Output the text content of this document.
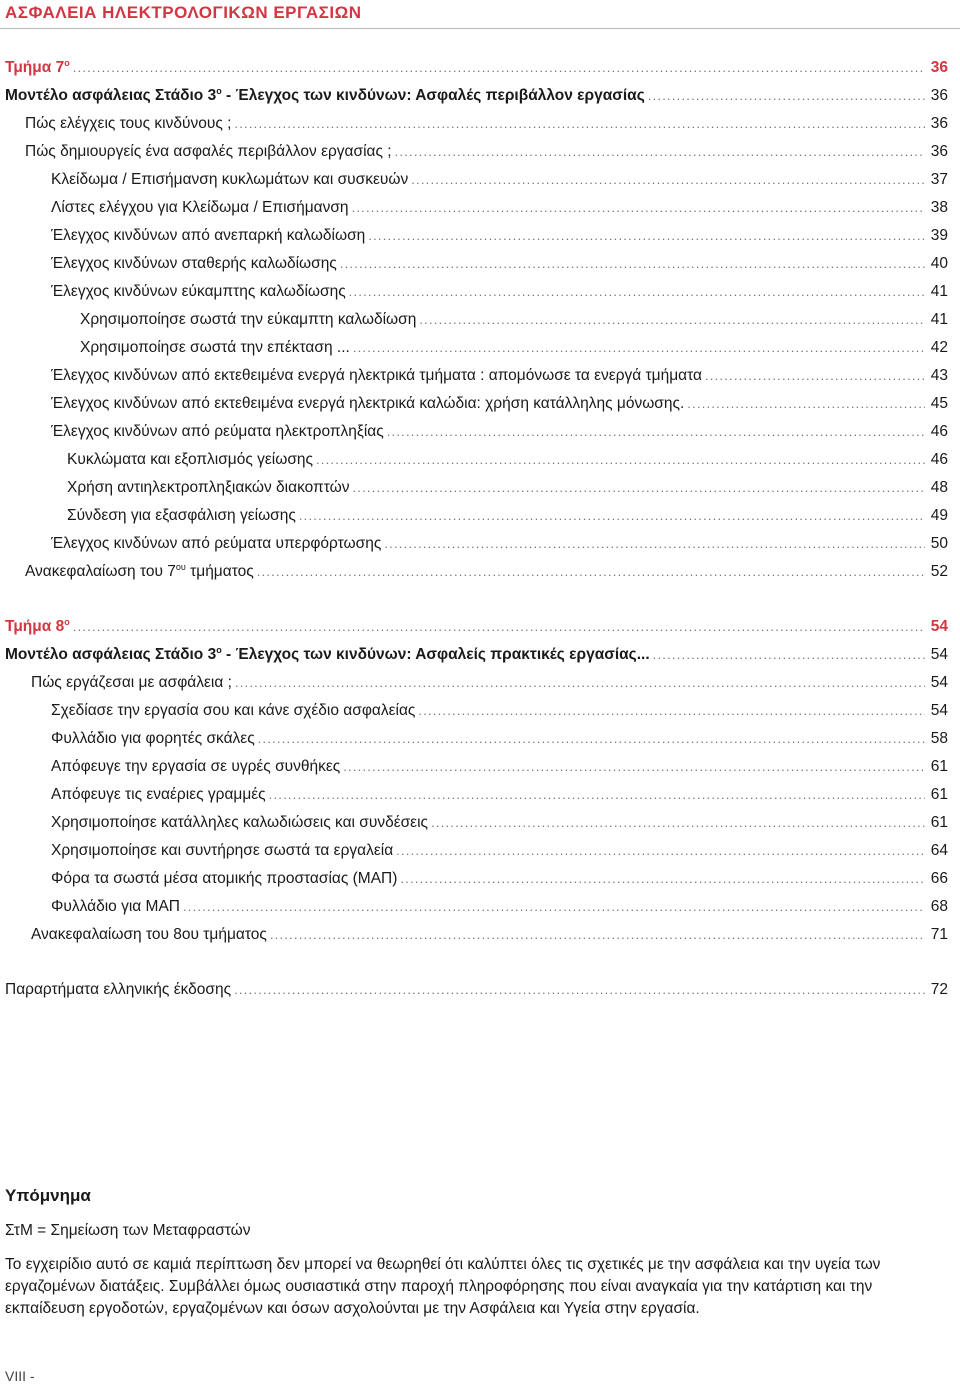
ΑΣΦΑΛΕΙΑ ΗΛΕΚΤΡΟΛΟΓΙΚΩΝ ΕΡΓΑΣΙΩΝ
Τμήμα $7^o$ .....	36
Μοντέλο ασφάλειας Στάδιο $3^o$ - Έλεγχος των κινδύνων: Ασφαλές περιβάλλον εργασίας .....	36
Πώς ελέγχεις τους κινδύνους ; .....	36
Πώς δημιουργείς ένα ασφαλές περιβάλλον εργασίας ; .....	36
Κλείδωμα / Επισήμανση κυκλωμάτων και συσκευών .....	37
Λίστες ελέγχου για Κλείδωμα / Επισήμανση .....	38
Έλεγχος κινδύνων από ανεπαρκή καλωδίωση .....	39
Έλεγχος κινδύνων σταθερής καλωδίωσης .....	40
Έλεγχος κινδύνων εύκαμπτης καλωδίωσης .....	41
Χρησιμοποίησε σωστά την εύκαμπτη καλωδίωση .....	41
Χρησιμοποίησε σωστά την επέκταση ... .....	42
Έλεγχος κινδύνων από εκτεθειμένα ενεργά ηλεκτρικά τμήματα : απομόνωσε τα ενεργά τμήματα .....	43
Έλεγχος κινδύνων από εκτεθειμένα ενεργά ηλεκτρικά καλώδια: χρήση κατάλληλης μόνωσης. .....	45
Έλεγχος κινδύνων από ρεύματα ηλεκτροπληξίας .....	46
Κυκλώματα και εξοπλισμός γείωσης .....	46
Χρήση αντιηλεκτροπληξιακών διακοπτών .....	48
Σύνδεση για εξασφάλιση γείωσης .....	49
Έλεγχος κινδύνων από ρεύματα υπερφόρτωσης .....	50
Ανακεφαλαίωση του $7^{o\upsilon}$ τμήματος .....	52
Τμήμα $8^o$ .....	54
Μοντέλο ασφάλειας Στάδιο $3^o$ - Έλεγχος των κινδύνων: Ασφαλείς πρακτικές εργασίας... .....	54
Πώς εργάζεσαι με ασφάλεια ; .....	54
Σχεδίασε την εργασία σου και κάνε σχέδιο ασφαλείας .....	54
Φυλλάδιο για φορητές σκάλες .....	58
Απόφευγε την εργασία σε υγρές συνθήκες .....	61
Απόφευγε τις εναέριες γραμμές .....	61
Χρησιμοποίησε κατάλληλες καλωδιώσεις και συνδέσεις .....	61
Χρησιμοποίησε και συντήρησε σωστά τα εργαλεία .....	64
Φόρα τα σωστά μέσα ατομικής προστασίας (ΜΑΠ) .....	66
Φυλλάδιο για ΜΑΠ .....	68
Ανακεφαλαίωση του 8ου τμήματος .....	71
Παραρτήματα ελληνικής έκδοσης .....	72
Υπόμνημα
ΣτΜ = Σημείωση των Μεταφραστών
Το εγχειρίδιο αυτό σε καμιά περίπτωση δεν μπορεί να θεωρηθεί ότι καλύπτει όλες τις σχετικές με την ασφάλεια και την υγεία των εργαζομένων διατάξεις. Συμβάλλει όμως ουσιαστικά στην παροχή πληροφόρησης που είναι αναγκαία για την κατάρτιση και την εκπαίδευση εργοδοτών, εργαζομένων και όσων ασχολούνται με την Ασφάλεια και Υγεία στην εργασία.
VIII -
